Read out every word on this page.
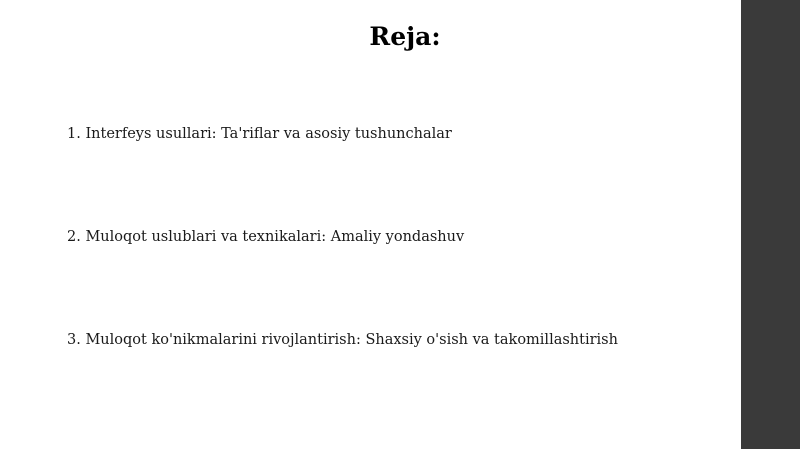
Reja:
1. Interfeys usullari: Ta'riflar va asosiy tushunchalar
2. Muloqot uslublari va texnikalari: Amaliy yondashuv
3. Muloqot ko'nikmalarini rivojlantirish: Shaxsiy o'sish va takomillashtirish
